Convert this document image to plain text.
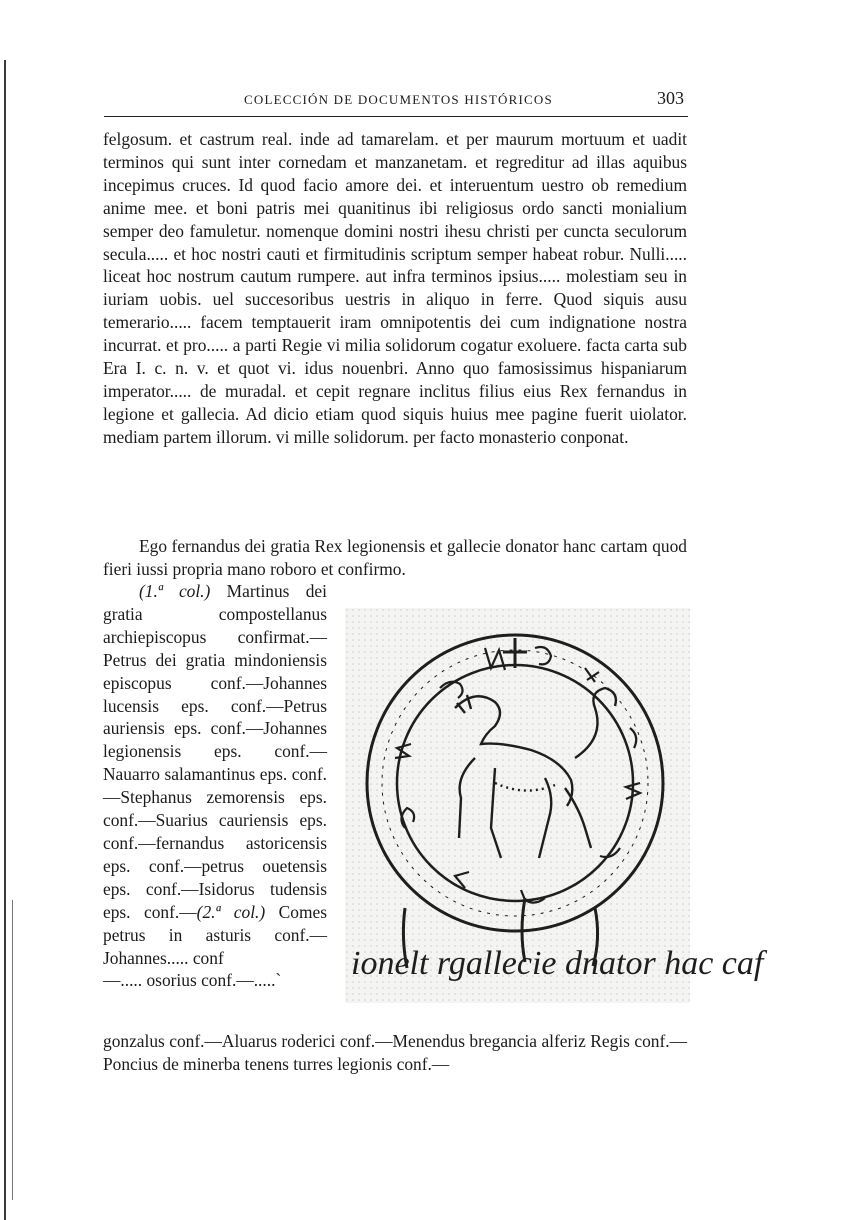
COLECCIÓN DE DOCUMENTOS HISTÓRICOS	303

felgosum. et castrum real. inde ad tamarelam. et per maurum mortuum et uadit terminos qui sunt inter cornedam et manzanetam. et regreditur ad illas aquibus incepimus cruces. Id quod facio amore dei. et interuentum uestro ob remedium anime mee. et boni patris mei quanitinus ibi religiosus ordo sancti monialium semper deo famuletur. nomenque domini nostri ihesu christi per cuncta seculorum secula..... et hoc nostri cauti et firmitudinis scriptum semper habeat robur. Nulli..... liceat hoc nostrum cautum rumpere. aut infra terminos ipsius..... molestiam seu in iuriam uobis. uel succesoribus uestris in aliquo in ferre. Quod siquis ausu temerario..... facem temptauerit iram omnipotentis dei cum indignatione nostra incurrat. et pro..... a parti Regie vi milia solidorum cogatur exoluere. facta carta sub Era I. c. n. v. et quot vi. idus nouenbri. Anno quo famosissimus hispaniarum imperator..... de muradal. et cepit regnare inclitus filius eius Rex fernandus in legione et gallecia. Ad dicio etiam quod siquis huius mee pagine fuerit uiolator. mediam partem illorum. vi mille solidorum. per facto monasterio conponat.

Ego fernandus dei gratia Rex legionensis et gallecie donator hanc cartam quod fieri iussi propria mano roboro et confirmo.

(1.ª col.) Martinus dei gratia compostellanus archiepiscopus confirmat.—Petrus dei gratia mindoniensis episcopus conf.—Johannes lucensis eps. conf.—Petrus auriensis eps. conf.—Johannes legionensis eps. conf.—Nauarro salamantinus eps. conf.—Stephanus zemorensis eps. conf.—Suarius cauriensis eps. conf.—fernandus astoricensis eps. conf.—petrus ouetensis eps. conf.—Isidorus tudensis eps. conf.—(2.ª col.) Comes petrus in asturis conf.—Johannes..... conf

—..... osorius conf.—.....`	ionelt rgallecie dnator hac caf

gonzalus conf.—Aluarus roderici conf.—Menendus bregancia alferiz Regis conf.—Poncius de minerba tenens turres legionis conf.—
